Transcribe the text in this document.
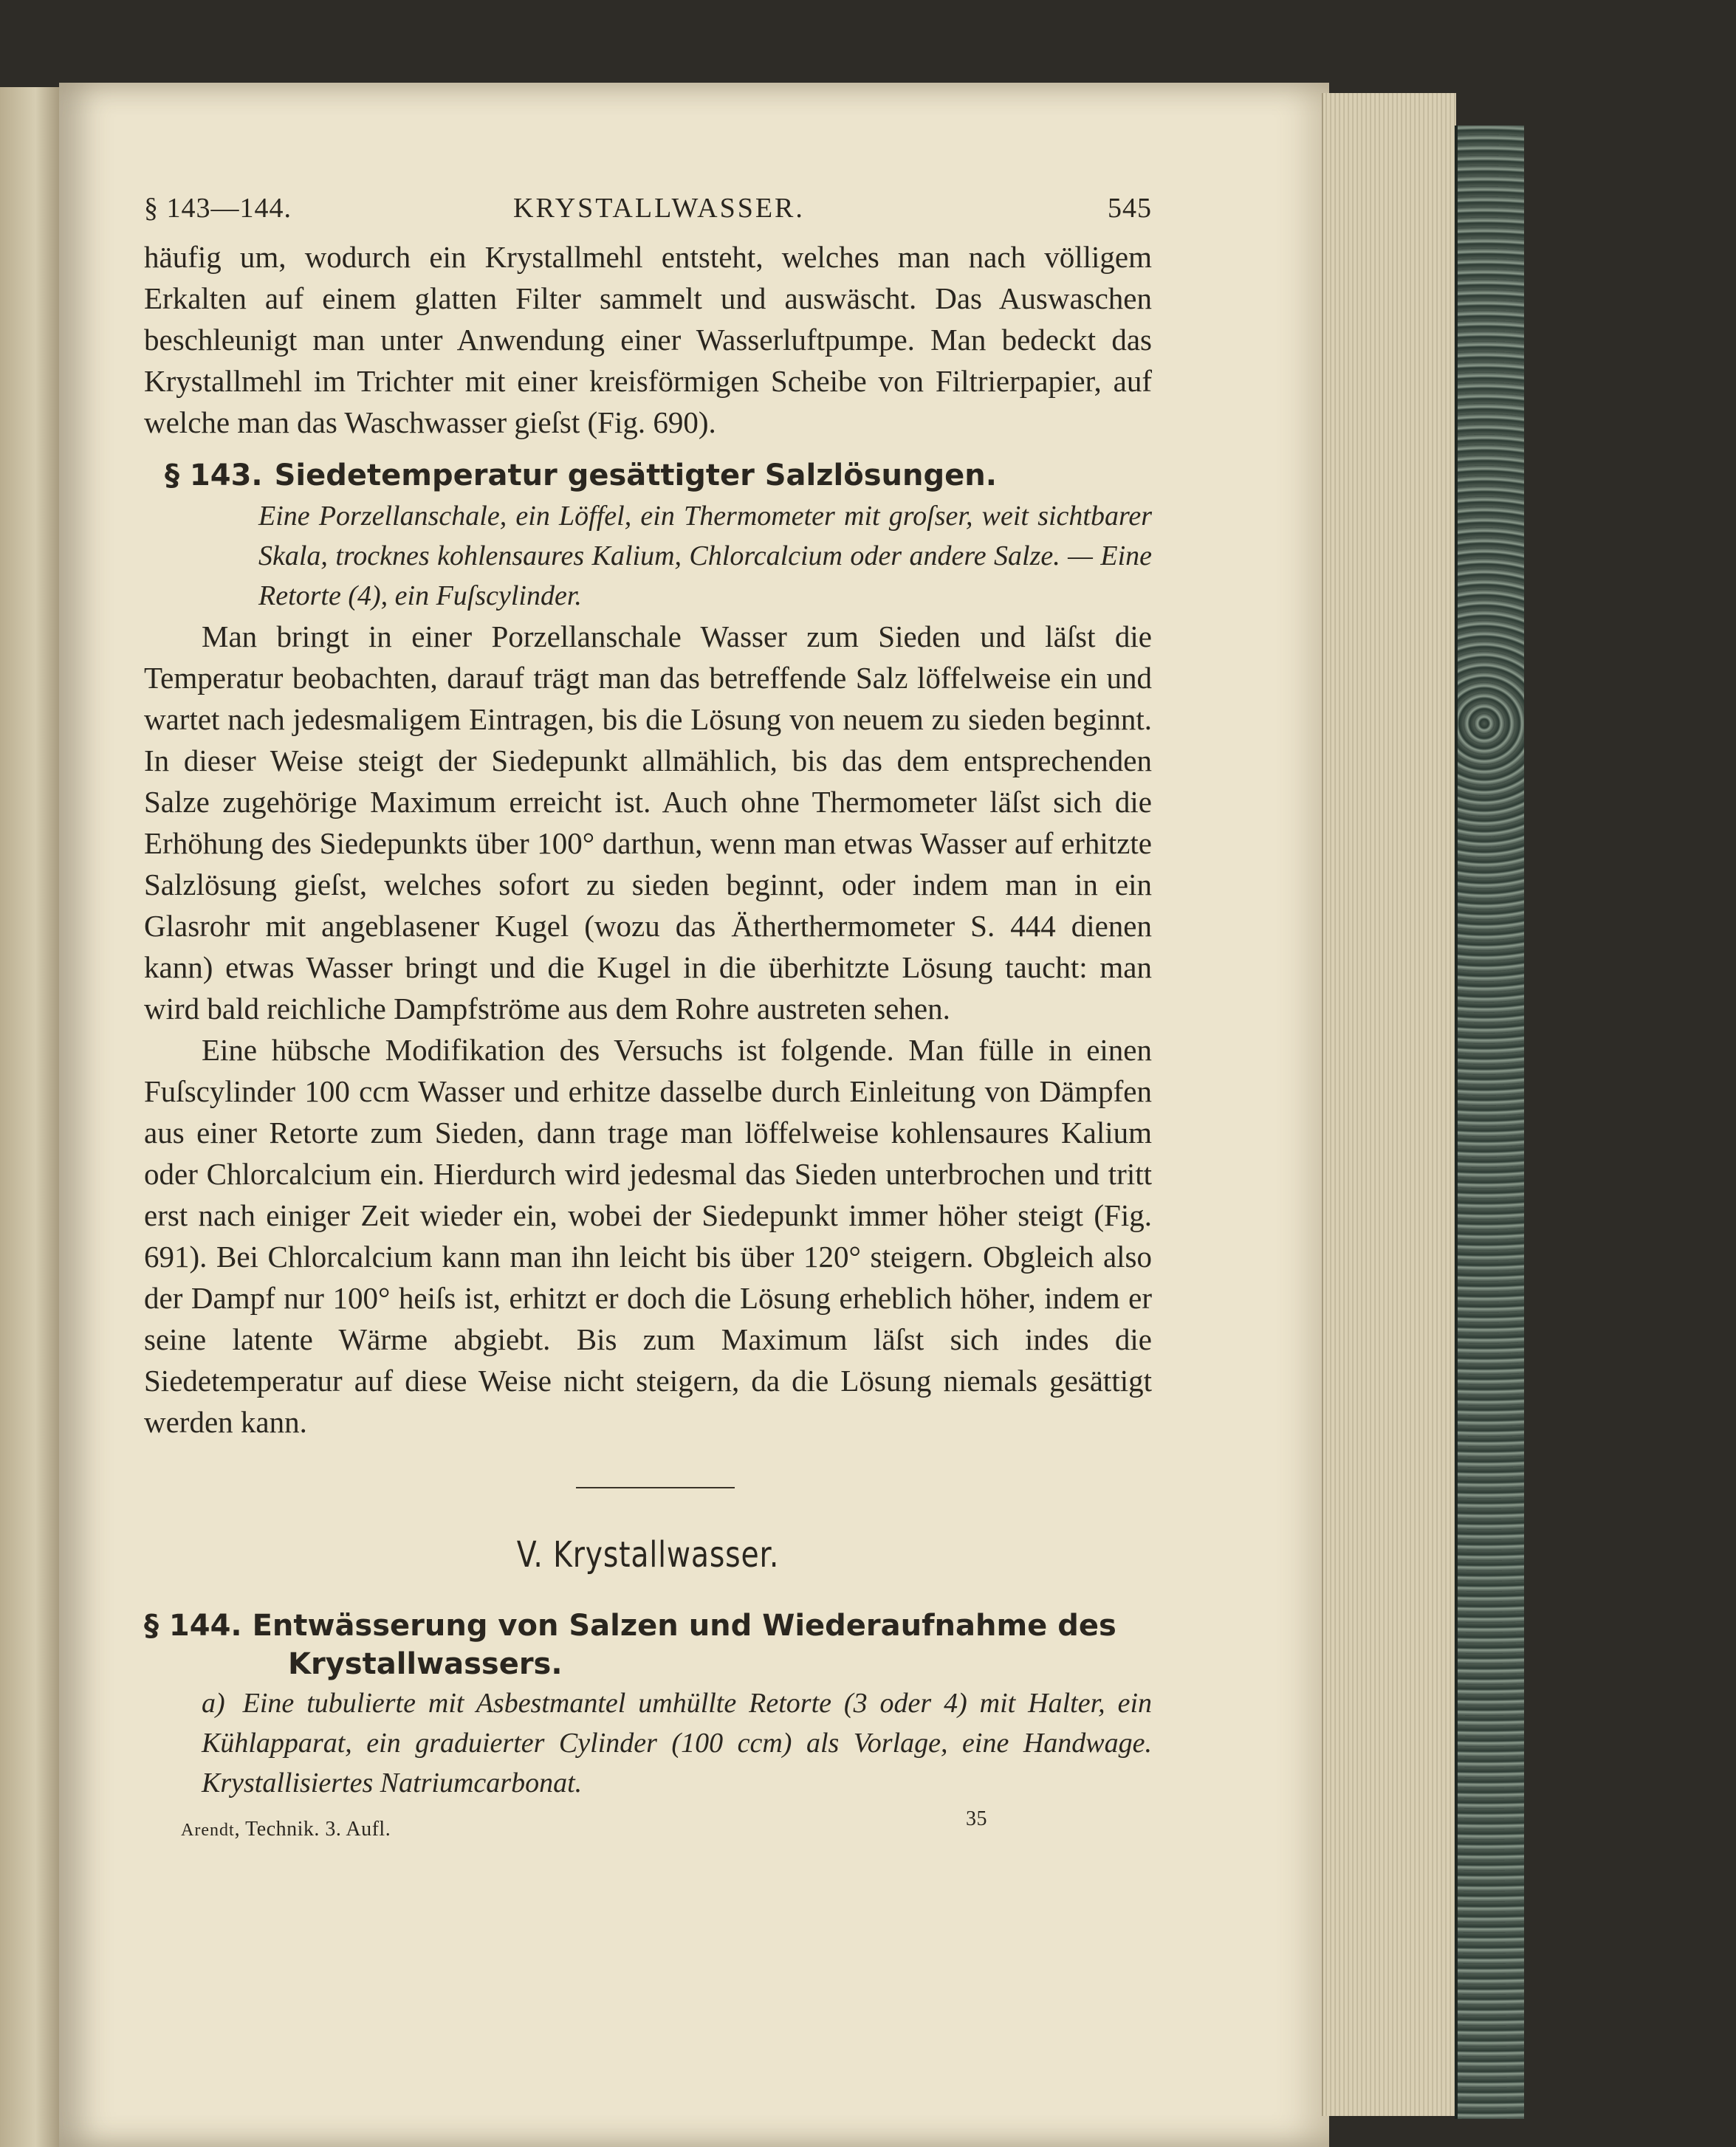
§ 143—144.	KRYSTALLWASSER.	545

häufig um, wodurch ein Krystallmehl entsteht, welches man nach völligem Erkalten auf einem glatten Filter sammelt und auswäscht. Das Auswaschen beschleunigt man unter Anwendung einer Wasserluftpumpe. Man bedeckt das Krystallmehl im Trichter mit einer kreisförmigen Scheibe von Filtrierpapier, auf welche man das Waschwasser gieſst (Fig. 690).

§ 143. Siedetemperatur gesättigter Salzlösungen.
Eine Porzellanschale, ein Löffel, ein Thermometer mit groſser, weit sichtbarer Skala, trocknes kohlensaures Kalium, Chlorcalcium oder andere Salze. — Eine Retorte (4), ein Fuſscylinder.

Man bringt in einer Porzellanschale Wasser zum Sieden und läſst die Temperatur beobachten, darauf trägt man das betreffende Salz löffelweise ein und wartet nach jedesmaligem Eintragen, bis die Lösung von neuem zu sieden beginnt. In dieser Weise steigt der Siedepunkt allmählich, bis das dem entsprechenden Salze zugehörige Maximum erreicht ist. Auch ohne Thermometer läſst sich die Erhöhung des Siedepunkts über 100° darthun, wenn man etwas Wasser auf erhitzte Salzlösung gieſst, welches sofort zu sieden beginnt, oder indem man in ein Glasrohr mit angeblasener Kugel (wozu das Ätherthermometer S. 444 dienen kann) etwas Wasser bringt und die Kugel in die überhitzte Lösung taucht: man wird bald reichliche Dampfströme aus dem Rohre austreten sehen.

Eine hübsche Modifikation des Versuchs ist folgende. Man fülle in einen Fuſscylinder 100 ccm Wasser und erhitze dasselbe durch Einleitung von Dämpfen aus einer Retorte zum Sieden, dann trage man löffelweise kohlensaures Kalium oder Chlorcalcium ein. Hierdurch wird jedesmal das Sieden unterbrochen und tritt erst nach einiger Zeit wieder ein, wobei der Siedepunkt immer höher steigt (Fig. 691). Bei Chlorcalcium kann man ihn leicht bis über 120° steigern. Obgleich also der Dampf nur 100° heiſs ist, erhitzt er doch die Lösung erheblich höher, indem er seine latente Wärme abgiebt. Bis zum Maximum läſst sich indes die Siedetemperatur auf diese Weise nicht steigern, da die Lösung niemals gesättigt werden kann.

V. Krystallwasser.
§ 144. Entwässerung von Salzen und Wiederaufnahme des
Krystallwassers.
a) Eine tubulierte mit Asbestmantel umhüllte Retorte (3 oder 4) mit Halter, ein Kühlapparat, ein graduierter Cylinder (100 ccm) als Vorlage, eine Handwage. Krystallisiertes Natriumcarbonat.
Arendt, Technik. 3. Aufl.	35
